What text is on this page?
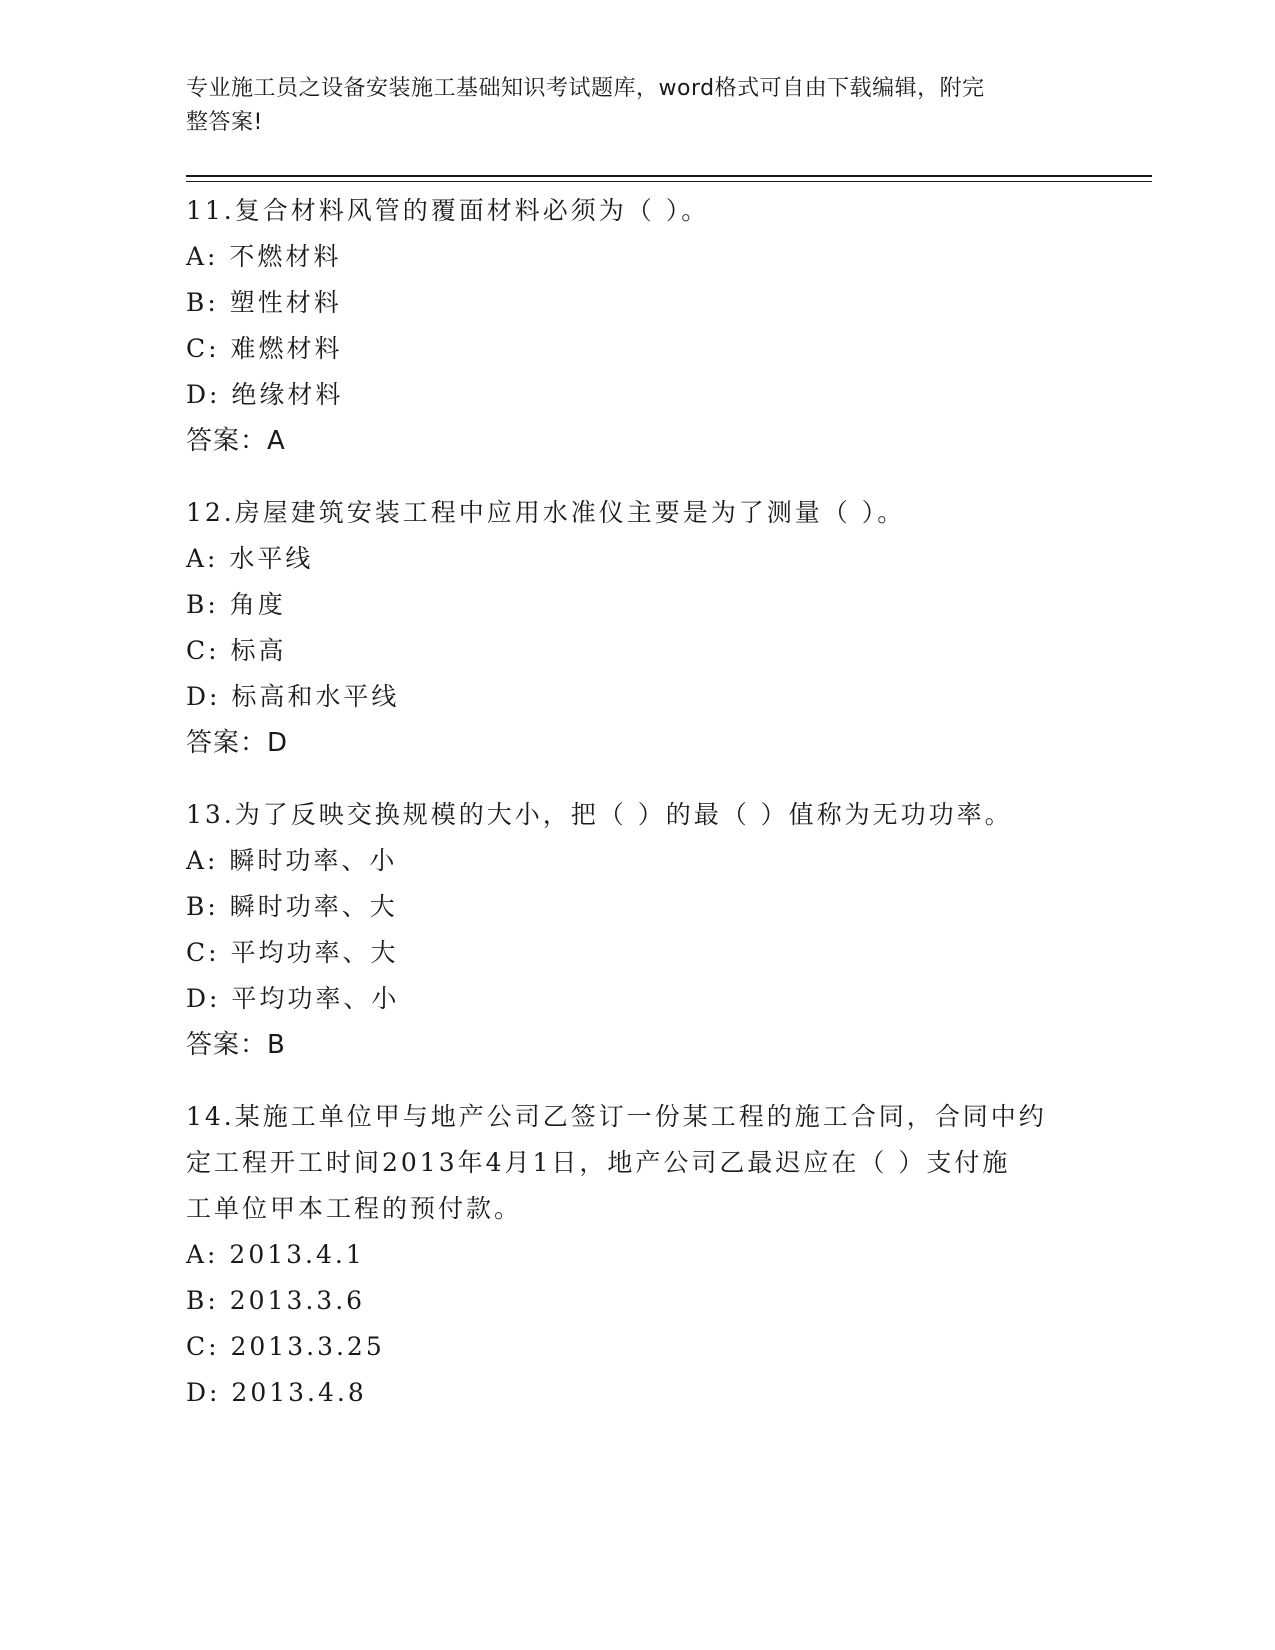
专业施工员之设备安装施工基础知识考试题库，word格式可自由下载编辑，附完
整答案!
11.复合材料风管的覆面材料必须为（ ）。
A: 不燃材料
B: 塑性材料
C: 难燃材料
D: 绝缘材料
答案：A
12.房屋建筑安装工程中应用水准仪主要是为了测量（ ）。
A: 水平线
B: 角度
C: 标高
D: 标高和水平线
答案：D
13.为了反映交换规模的大小，把（ ）的最（ ）值称为无功功率。
A: 瞬时功率、小
B: 瞬时功率、大
C: 平均功率、大
D: 平均功率、小
答案：B
14.某施工单位甲与地产公司乙签订一份某工程的施工合同，合同中约
定工程开工时间2013年4月1日，地产公司乙最迟应在（ ）支付施
工单位甲本工程的预付款。
A: 2013.4.1
B: 2013.3.6
C: 2013.3.25
D: 2013.4.8
